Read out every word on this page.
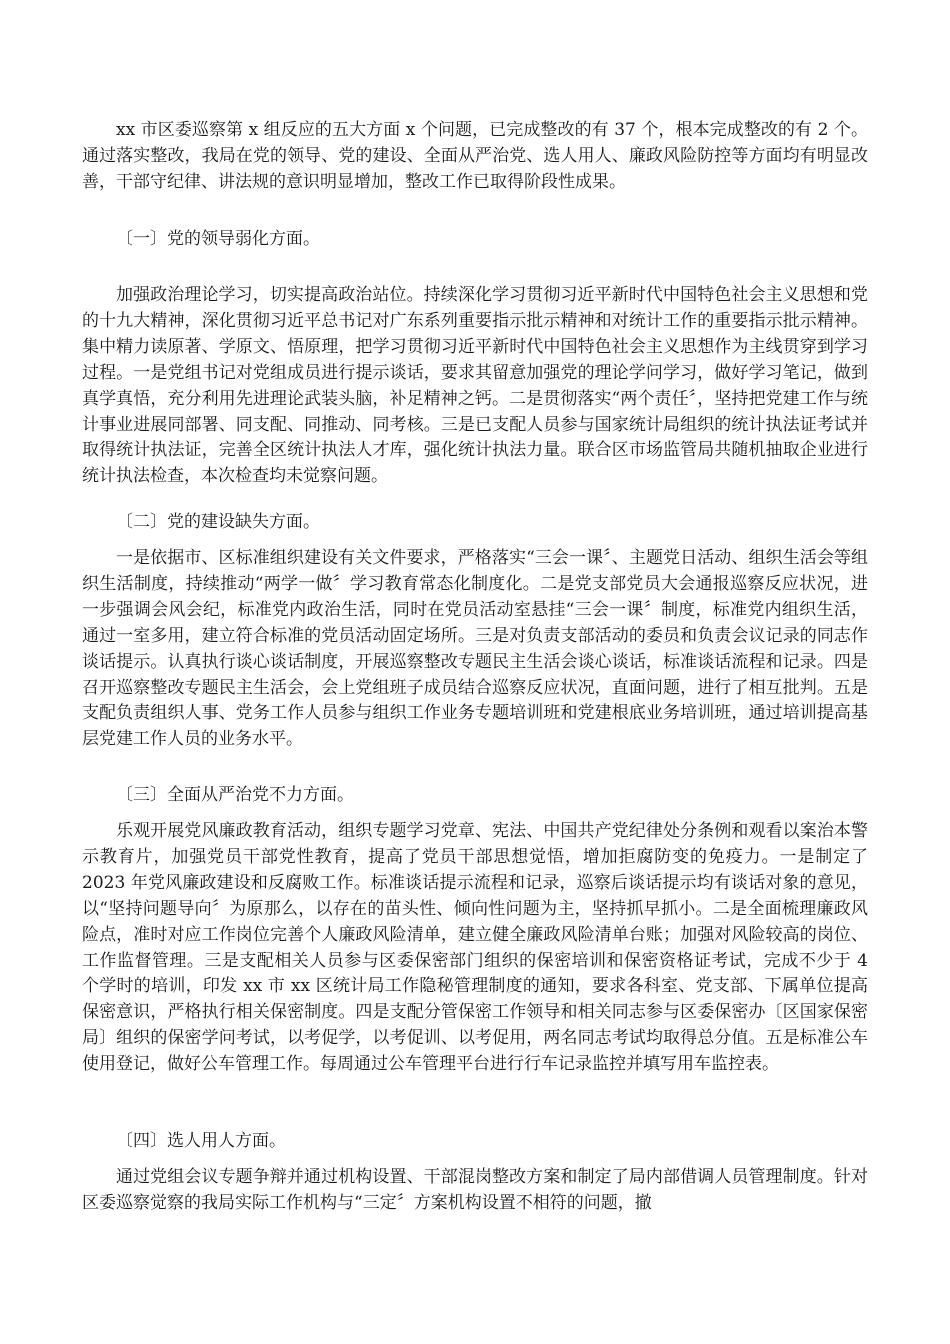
xx 市区委巡察第 x 组反应的五大方面 x 个问题，已完成整改的有 37 个，根本完成整改的有 2 个。通过落实整改，我局在党的领导、党的建设、全面从严治党、选人用人、廉政风险防控等方面均有明显改善，干部守纪律、讲法规的意识明显增加，整改工作已取得阶段性成果。

〔一〕党的领导弱化方面。

加强政治理论学习，切实提高政治站位。持续深化学习贯彻习近平新时代中国特色社会主义思想和党的十九大精神，深化贯彻习近平总书记对广东系列重要指示批示精神和对统计工作的重要指示批示精神。集中精力读原著、学原文、悟原理，把学习贯彻习近平新时代中国特色社会主义思想作为主线贯穿到学习过程。一是党组书记对党组成员进行提示谈话，要求其留意加强党的理论学问学习，做好学习笔记，做到真学真悟，充分利用先进理论武装头脑，补足精神之钙。二是贯彻落实“两个责任〞，坚持把党建工作与统计事业进展同部署、同支配、同推动、同考核。三是已支配人员参与国家统计局组织的统计执法证考试并取得统计执法证，完善全区统计执法人才库，强化统计执法力量。联合区市场监管局共随机抽取企业进行统计执法检查，本次检查均未觉察问题。

〔二〕党的建设缺失方面。

一是依据市、区标准组织建设有关文件要求，严格落实“三会一课〞、主题党日活动、组织生活会等组织生活制度，持续推动“两学一做〞学习教育常态化制度化。二是党支部党员大会通报巡察反应状况，进一步强调会风会纪，标准党内政治生活，同时在党员活动室悬挂“三会一课〞制度，标准党内组织生活，通过一室多用，建立符合标准的党员活动固定场所。三是对负责支部活动的委员和负责会议记录的同志作谈话提示。认真执行谈心谈话制度，开展巡察整改专题民主生活会谈心谈话，标准谈话流程和记录。四是召开巡察整改专题民主生活会，会上党组班子成员结合巡察反应状况，直面问题，进行了相互批判。五是支配负责组织人事、党务工作人员参与组织工作业务专题培训班和党建根底业务培训班，通过培训提高基层党建工作人员的业务水平。

〔三〕全面从严治党不力方面。

乐观开展党风廉政教育活动，组织专题学习党章、宪法、中国共产党纪律处分条例和观看以案治本警示教育片，加强党员干部党性教育，提高了党员干部思想觉悟，增加拒腐防变的免疫力。一是制定了 2023 年党风廉政建设和反腐败工作。标准谈话提示流程和记录，巡察后谈话提示均有谈话对象的意见，以“坚持问题导向〞为原那么，以存在的苗头性、倾向性问题为主，坚持抓早抓小。二是全面梳理廉政风险点，准时对应工作岗位完善个人廉政风险清单，建立健全廉政风险清单台账；加强对风险较高的岗位、工作监督管理。三是支配相关人员参与区委保密部门组织的保密培训和保密资格证考试，完成不少于 4 个学时的培训，印发 xx 市 xx 区统计局工作隐秘管理制度的通知，要求各科室、党支部、下属单位提高保密意识，严格执行相关保密制度。四是支配分管保密工作领导和相关同志参与区委保密办〔区国家保密局〕组织的保密学问考试，以考促学，以考促训、以考促用，两名同志考试均取得总分值。五是标准公车使用登记，做好公车管理工作。每周通过公车管理平台进行行车记录监控并填写用车监控表。

〔四〕选人用人方面。

通过党组会议专题争辩并通过机构设置、干部混岗整改方案和制定了局内部借调人员管理制度。针对区委巡察觉察的我局实际工作机构与“三定〞方案机构设置不相符的问题，撤
